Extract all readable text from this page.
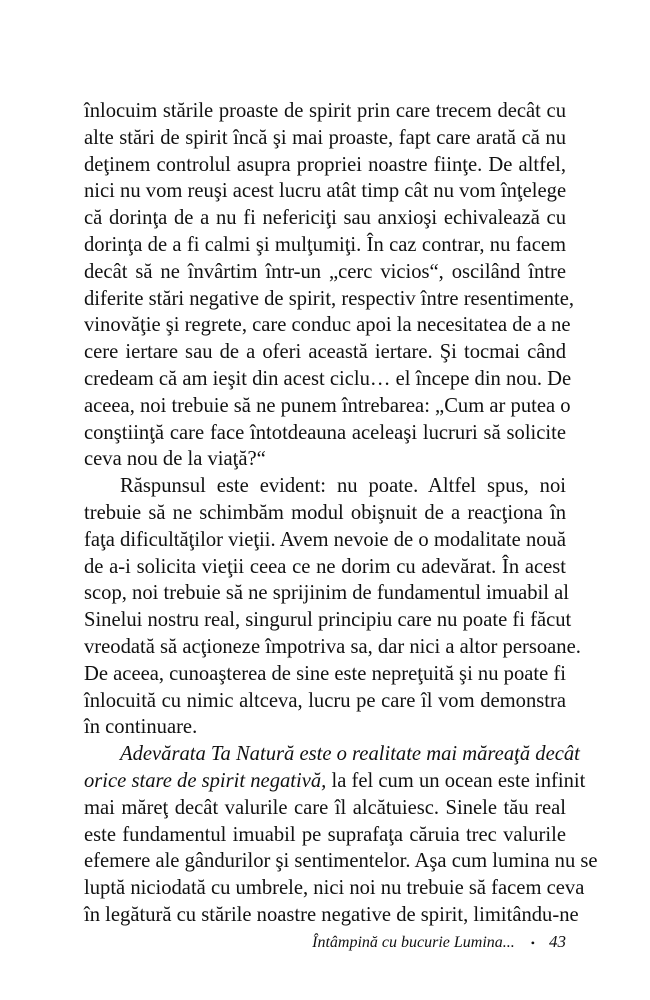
înlocuim stările proaste de spirit prin care trecem decât cu
alte stări de spirit încă şi mai proaste, fapt care arată că nu
deţinem controlul asupra propriei noastre fiinţe. De altfel,
nici nu vom reuşi acest lucru atât timp cât nu vom înţelege
că dorinţa de a nu fi nefericiţi sau anxioşi echivalează cu
dorinţa de a fi calmi şi mulţumiţi. În caz contrar, nu facem
decât să ne învârtim într-un „cerc vicios“, oscilând între
diferite stări negative de spirit, respectiv între resentimente,
vinovăţie şi regrete, care conduc apoi la necesitatea de a ne
cere iertare sau de a oferi această iertare. Şi tocmai când
credeam că am ieşit din acest ciclu… el începe din nou. De
aceea, noi trebuie să ne punem întrebarea: „Cum ar putea o
conştiinţă care face întotdeauna aceleaşi lucruri să solicite
ceva nou de la viaţă?“
Răspunsul este evident: nu poate. Altfel spus, noi
trebuie să ne schimbăm modul obişnuit de a reacţiona în
faţa dificultăţilor vieţii. Avem nevoie de o modalitate nouă
de a-i solicita vieţii ceea ce ne dorim cu adevărat. În acest
scop, noi trebuie să ne sprijinim de fundamentul imuabil al
Sinelui nostru real, singurul principiu care nu poate fi făcut
vreodată să acţioneze împotriva sa, dar nici a altor persoane.
De aceea, cunoaşterea de sine este nepreţuită şi nu poate fi
înlocuită cu nimic altceva, lucru pe care îl vom demonstra
în continuare.
Adevărata Ta Natură este o realitate mai măreaţă decât
orice stare de spirit negativă, la fel cum un ocean este infinit
mai măreţ decât valurile care îl alcătuiesc. Sinele tău real
este fundamentul imuabil pe suprafaţa căruia trec valurile
efemere ale gândurilor şi sentimentelor. Aşa cum lumina nu se
luptă niciodată cu umbrele, nici noi nu trebuie să facem ceva
în legătură cu stările noastre negative de spirit, limitându-ne
Întâmpină cu bucurie Lumina... • 43
